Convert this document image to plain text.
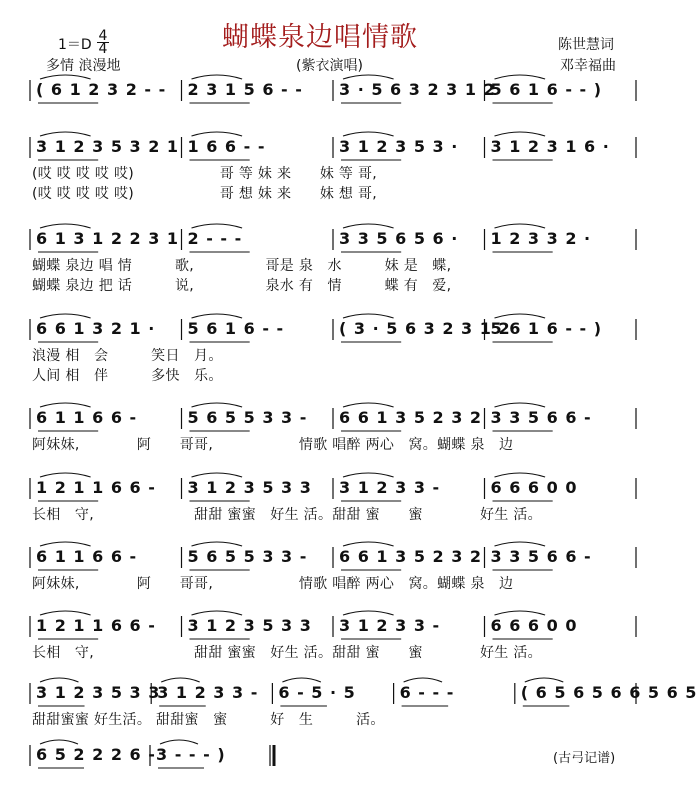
蝴蝶泉边唱情歌
1＝D
4
4
多情 浪漫地	(紫衣演唱)
陈世慧词
邓幸福曲
( 6 1 2 3 2 - - 2 3 1 5 6 - - 3 · 5 6 3 2 3 1 2
5 6 1 6 - - )
3 1 2 3 5 3 2 1 1 6 6 - -	3 1 2 3 5 3 · 3 1 2 3 1 6 ·
(哎 哎 哎 哎 哎)　　　　　　哥 等 妹 来　　妹 等 哥,
(哎 哎 哎 哎 哎)　　　　　　哥 想 妹 来　　妹 想 哥,
6 1 3 1 2 2 3 1 2 - - -	3 3 5 6 5 6 · 1 2 3 3 2 ·
蝴蝶 泉边 唱 情　　　歌,　　　　　哥是 泉　水　　　妹 是　蝶,
蝴蝶 泉边 把 话　　　说,　　　　　泉水 有　情　　　蝶 有　爱,
6 6 1 3 2 1 · 5 6 1 6 - -	( 3 · 5 6 3 2 3 1 2
5 6 1 6 - - )
浪漫 相　会　　　笑日　月。
人间 相　伴　　　多快　乐。
6 1 1 6 6 -	5 6 5 5 3 3 - 6 6 1 3 5 2 3 2 3 3 5 6 6 -
阿妹妹,　　　　阿　　哥哥,　　　　　　情歌 唱醉 两心　窝。蝴蝶 泉　边
1 2 1 1 6 6 - 3 1 2 3 5 3 3 3 1 2 3 3 -	6 6 6 0 0
长相　守,　　　　　　　甜甜 蜜蜜　好生 活。甜甜 蜜　　蜜　　　　好生 活。
6 1 1 6 6 -	5 6 5 5 3 3 - 6 6 1 3 5 2 3 2 3 3 5 6 6 -
阿妹妹,　　　　阿　　哥哥,　　　　　　情歌 唱醉 两心　窝。蝴蝶 泉　边
1 2 1 1 6 6 - 3 1 2 3 5 3 3 3 1 2 3 3 -	6 6 6 0 0
长相　守,　　　　　　　甜甜 蜜蜜　好生 活。甜甜 蜜　　蜜　　　　好生 活。
3 1 2 3 5 3 3
3 1 2 3 3 - 6 - 5 · 5	6 - - -	( 6 5 6 5 6 6 5 6 5
甜甜蜜蜜 好生活。 甜甜蜜　蜜　　　好　生　　　活。
6 5 2 2 2 6 - 3 - - - )	(古弓记谱)
